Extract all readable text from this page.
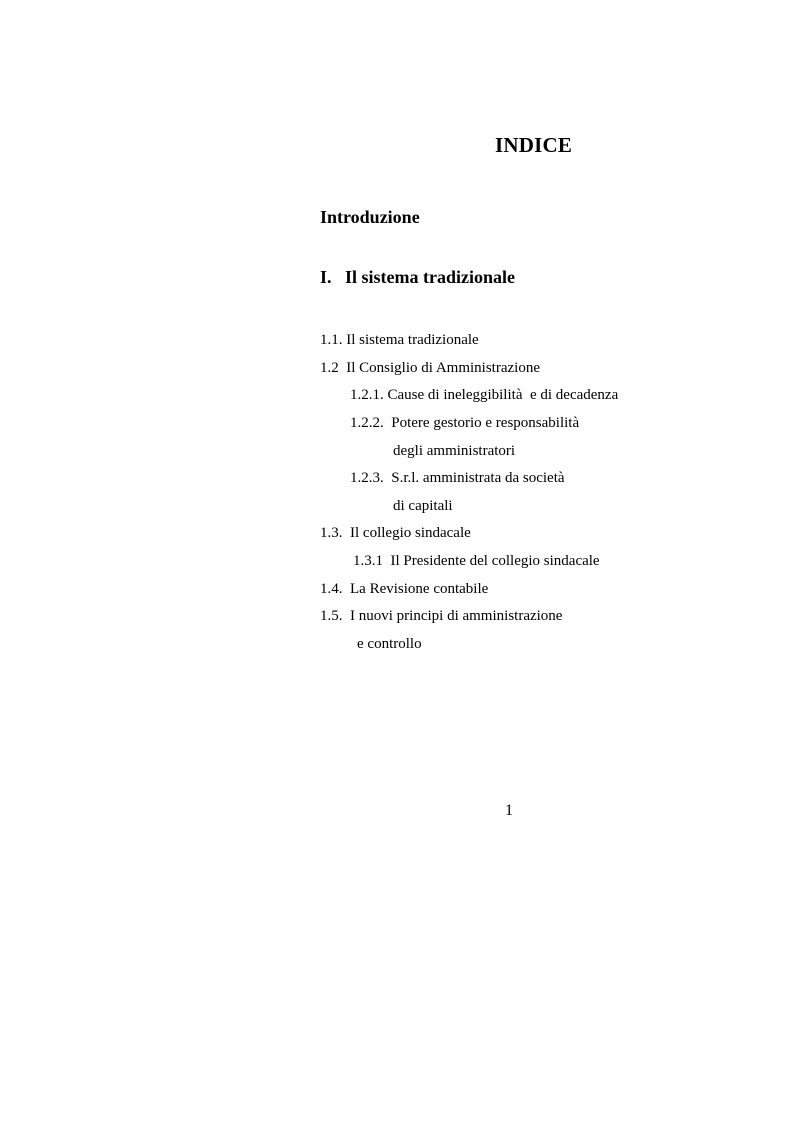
INDICE
Introduzione
I.   Il sistema tradizionale
1.1. Il sistema tradizionale
1.2  Il Consiglio di Amministrazione
1.2.1. Cause di ineleggibilità  e di decadenza
1.2.2.  Potere gestorio e responsabilità
degli amministratori
1.2.3.  S.r.l. amministrata da società
di capitali
1.3.  Il collegio sindacale
1.3.1  Il Presidente del collegio sindacale
1.4.  La Revisione contabile
1.5.  I nuovi principi di amministrazione
e controllo
1
